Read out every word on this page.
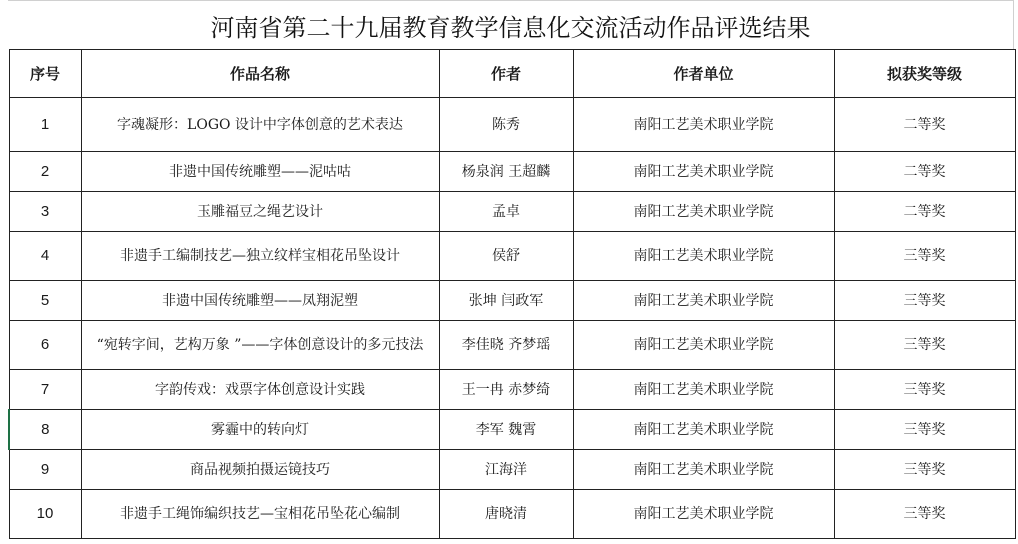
河南省第二十九届教育教学信息化交流活动作品评选结果
序号	作品名称	作者	作者单位	拟获奖等级
1	字魂凝形：LOGO 设计中字体创意的艺术表达	陈秀	南阳工艺美术职业学院	二等奖
2	非遗中国传统雕塑——泥咕咕	杨泉润 王超麟	南阳工艺美术职业学院	二等奖
3	玉雕福豆之绳艺设计	孟卓	南阳工艺美术职业学院	二等奖
4	非遗手工编制技艺—独立纹样宝相花吊坠设计	侯舒	南阳工艺美术职业学院	三等奖
5	非遗中国传统雕塑——凤翔泥塑	张坤 闫政军	南阳工艺美术职业学院	三等奖
6	“宛转字间，艺构万象 ”——字体创意设计的多元技法	李佳晓 齐梦瑶	南阳工艺美术职业学院	三等奖
7	字韵传戏：戏票字体创意设计实践	王一冉 赤梦绮	南阳工艺美术职业学院	三等奖
8	雾霾中的转向灯	李军 魏霄	南阳工艺美术职业学院	三等奖
9	商品视频拍摄运镜技巧	江海洋	南阳工艺美术职业学院	三等奖
10	非遗手工绳饰编织技艺—宝相花吊坠花心编制	唐晓清	南阳工艺美术职业学院	三等奖
